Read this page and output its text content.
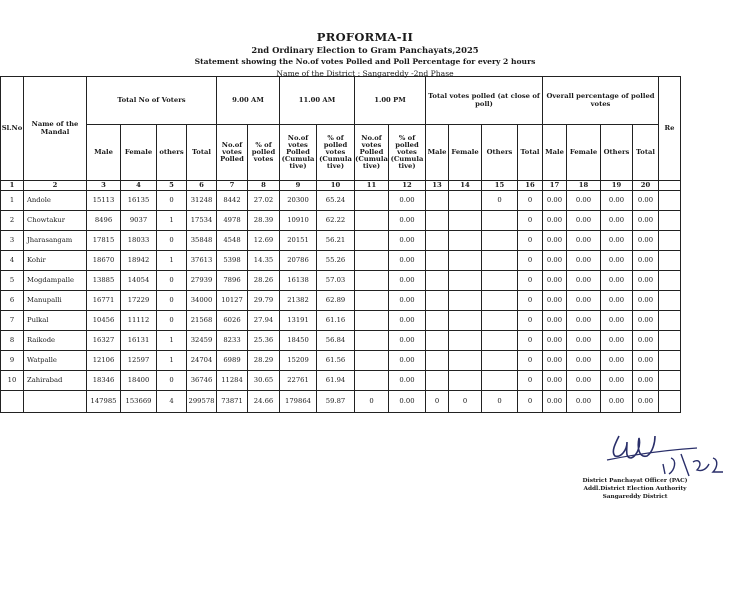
PROFORMA-II
2nd Ordinary Election to Gram Panchayats,2025
Statement showing the No.of votes Polled and Poll Percentage for every 2 hours
Name of the District : Sangareddy -2nd Phase
Sl.No	Name of the Mandal	Total No of Voters				9.00 AM		11.00 AM		1.00 PM		Total votes polled (at close of poll)				Overall percentage of polled votes				Re
		Male	Female	others	Total	No.of votes Polled	% of polled votes	No.of votes Polled (Cumula tive)	% of polled votes (Cumula tive)	No.of votes Polled (Cumula tive)	% of polled votes (Cumula tive)	Male	Female	Others	Total	Male	Female	Others	Total	
1	2	3	4	5	6	7	8	9	10	11	12	13	14	15	16	17	18	19	20	
1	Andole	15113	16135	0	31248	8442	27.02	20300	65.24		0.00			0	0	0.00	0.00	0.00	0.00	
2	Chowtakur	8496	9037	1	17534	4978	28.39	10910	62.22		0.00				0	0.00	0.00	0.00	0.00	
3	Jharasangam	17815	18033	0	35848	4548	12.69	20151	56.21		0.00				0	0.00	0.00	0.00	0.00	
4	Kohir	18670	18942	1	37613	5398	14.35	20786	55.26		0.00				0	0.00	0.00	0.00	0.00	
5	Mogdampalle	13885	14054	0	27939	7896	28.26	16138	57.03		0.00				0	0.00	0.00	0.00	0.00	
6	Manupalli	16771	17229	0	34000	10127	29.79	21382	62.89		0.00				0	0.00	0.00	0.00	0.00	
7	Pulkal	10456	11112	0	21568	6026	27.94	13191	61.16		0.00				0	0.00	0.00	0.00	0.00	
8	Raikode	16327	16131	1	32459	8233	25.36	18450	56.84		0.00				0	0.00	0.00	0.00	0.00	
9	Watpalle	12106	12597	1	24704	6989	28.29	15209	61.56		0.00				0	0.00	0.00	0.00	0.00	
10	Zahirabad	18346	18400	0	36746	11284	30.65	22761	61.94		0.00				0	0.00	0.00	0.00	0.00	
		147985	153669	4	299578	73871	24.66	179864	59.87	0	0.00	0	0	0	0	0.00	0.00	0.00	0.00	
District Panchayat Officer (PAC)
Addl.District Election Authority
Sangareddy District
